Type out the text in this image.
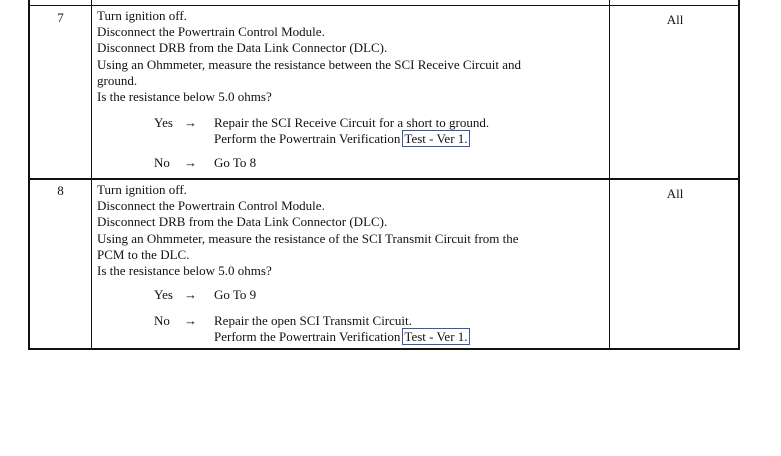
7	All
Turn ignition off.
Disconnect the Powertrain Control Module.
Disconnect DRB from the Data Link Connector (DLC).
Using an Ohmmeter, measure the resistance between the SCI Receive Circuit and
ground.
Is the resistance below 5.0 ohms?
Yes → Repair the SCI Receive Circuit for a short to ground.
Perform the Powertrain Verification Test - Ver 1.
No → Go To 8
8	All
Turn ignition off.
Disconnect the Powertrain Control Module.
Disconnect DRB from the Data Link Connector (DLC).
Using an Ohmmeter, measure the resistance of the SCI Transmit Circuit from the
PCM to the DLC.
Is the resistance below 5.0 ohms?
Yes → Go To 9
No → Repair the open SCI Transmit Circuit.
Perform the Powertrain Verification Test - Ver 1.
